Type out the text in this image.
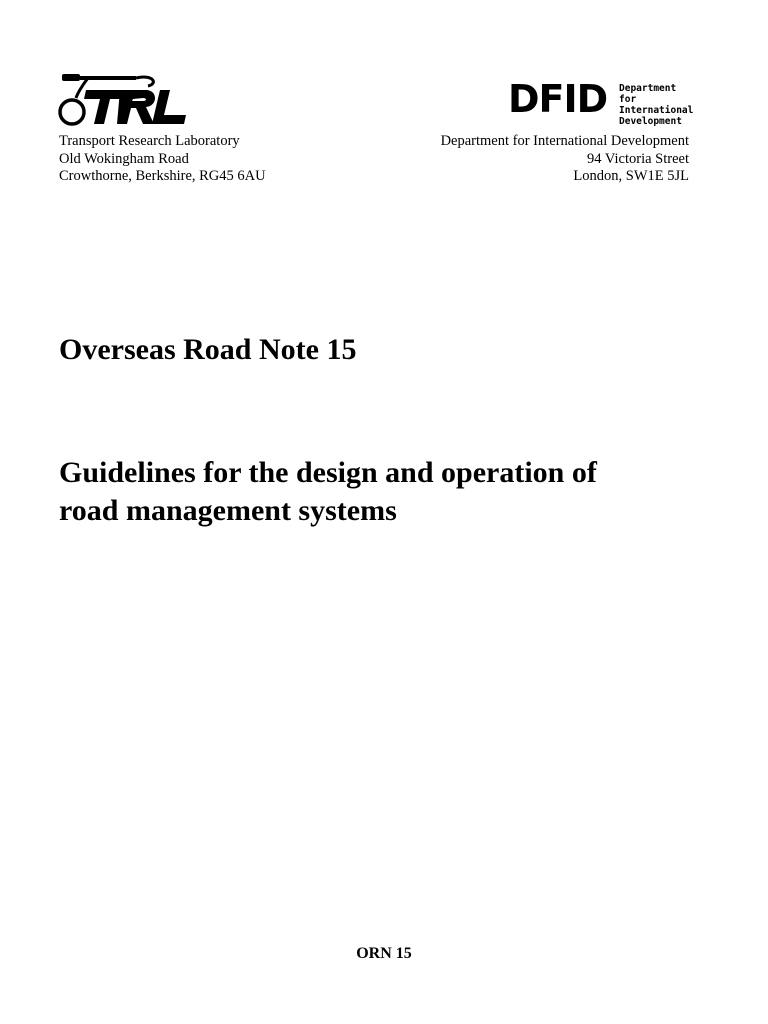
DFID Department for
International
Development
Transport Research Laboratory
Old Wokingham Road
Crowthorne, Berkshire, RG45 6AU
Department for International Development
94 Victoria Street
London, SW1E 5JL
Overseas Road Note 15
Guidelines for the design and operation of
road management systems
ORN 15
